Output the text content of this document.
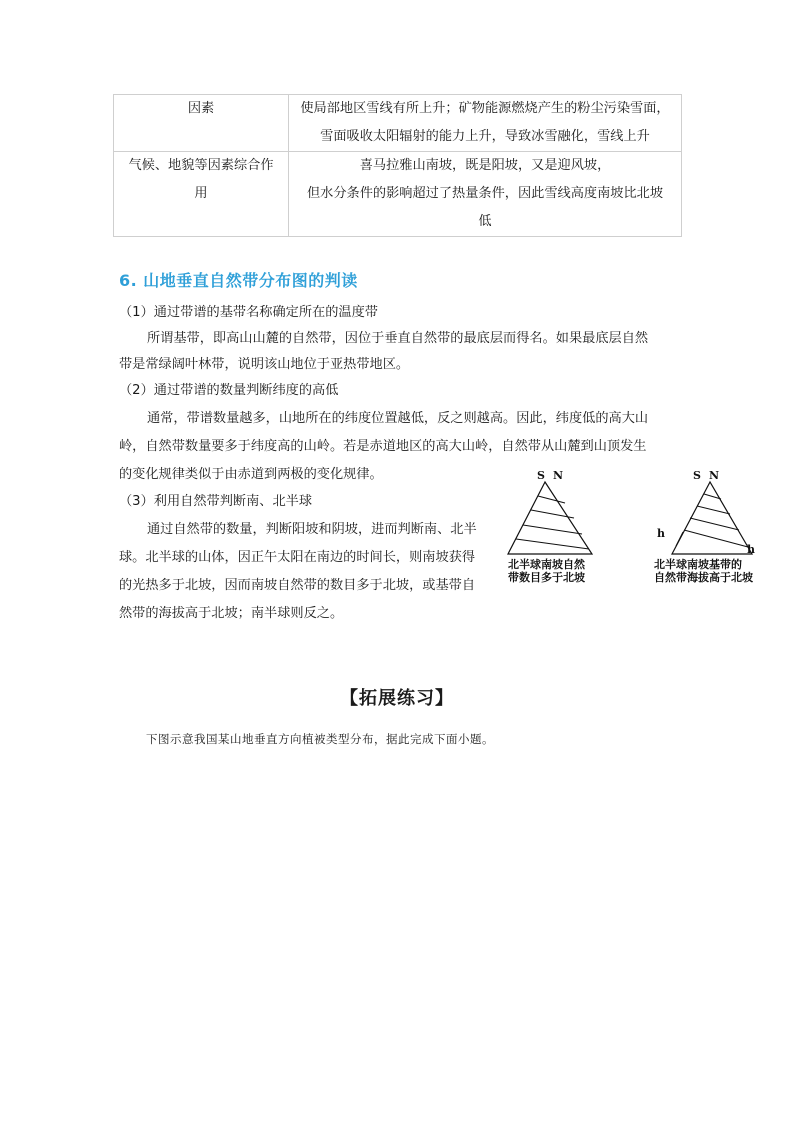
因素	使局部地区雪线有所上升；矿物能源燃烧产生的粉尘污染雪面，
雪面吸收太阳辐射的能力上升，导致冰雪融化，雪线上升

气候、地貌等因素综合作
用	喜马拉雅山南坡，既是阳坡，又是迎风坡，
但水分条件的影响超过了热量条件，因此雪线高度南坡比北坡
低
6. 山地垂直自然带分布图的判读
（1）通过带谱的基带名称确定所在的温度带
所谓基带，即高山山麓的自然带，因位于垂直自然带的最底层而得名。如果最底层自然
带是常绿阔叶林带，说明该山地位于亚热带地区。
（2）通过带谱的数量判断纬度的高低
通常，带谱数量越多，山地所在的纬度位置越低，反之则越高。因此，纬度低的高大山
岭，自然带数量要多于纬度高的山岭。若是赤道地区的高大山岭，自然带从山麓到山顶发生
的变化规律类似于由赤道到两极的变化规律。
（3）利用自然带判断南、北半球
通过自然带的数量，判断阳坡和阴坡，进而判断南、北半
球。北半球的山体，因正午太阳在南边的时间长，则南坡获得
的光热多于北坡，因而南坡自然带的数目多于北坡，或基带自
然带的海拔高于北坡；南半球则反之。
S N
北半球南坡自然
带数目多于北坡
S N
h
h
北半球南坡基带的
自然带海拔高于北坡
【拓展练习】
下图示意我国某山地垂直方向植被类型分布，据此完成下面小题。
